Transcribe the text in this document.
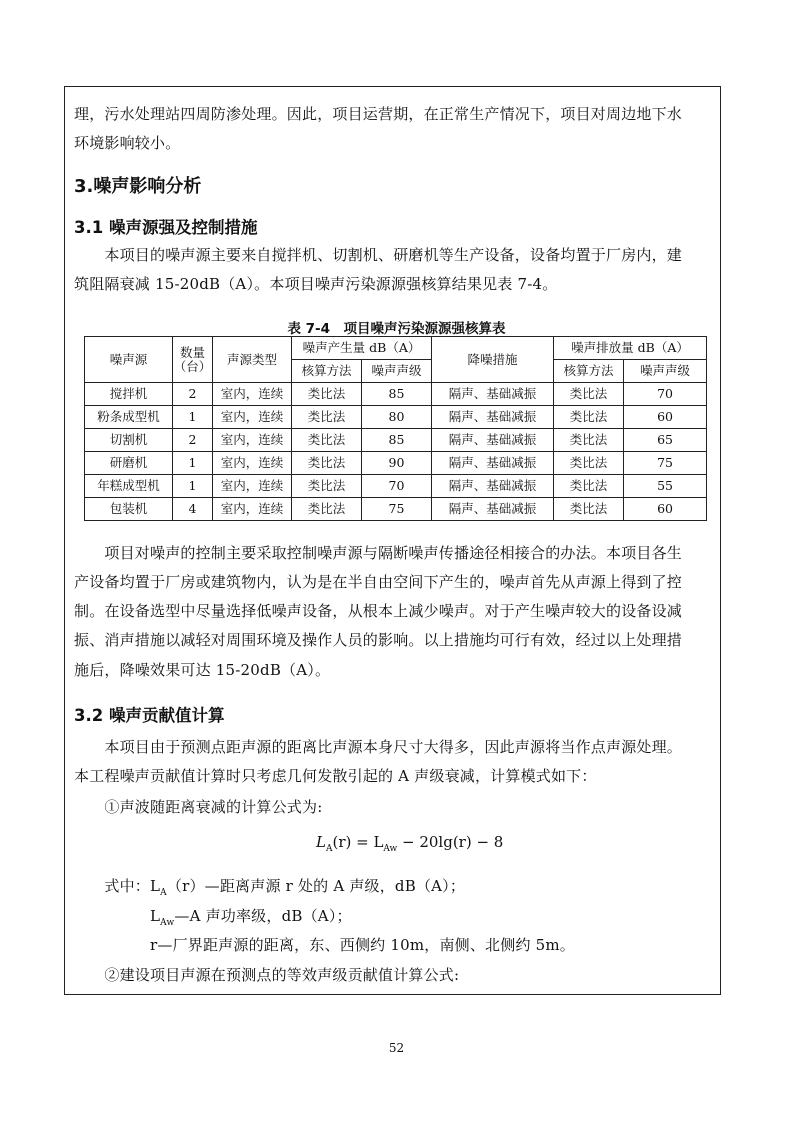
理，污水处理站四周防渗处理。因此，项目运营期，在正常生产情况下，项目对周边地下水
环境影响较小。
3.噪声影响分析
3.1 噪声源强及控制措施
　　本项目的噪声源主要来自搅拌机、切割机、研磨机等生产设备，设备均置于厂房内，建
筑阻隔衰减 15-20dB（A）。本项目噪声污染源源强核算结果见表 7-4。
表 7-4　项目噪声污染源源强核算表
噪声源	数量（台）	声源类型	噪声产生量 dB（A）		降噪措施	噪声排放量 dB（A）	
			核算方法	噪声声级		核算方法	噪声声级
搅拌机	2	室内，连续	类比法	85	隔声、基础减振	类比法	70
粉条成型机	1	室内，连续	类比法	80	隔声、基础减振	类比法	60
切割机	2	室内，连续	类比法	85	隔声、基础减振	类比法	65
研磨机	1	室内，连续	类比法	90	隔声、基础减振	类比法	75
年糕成型机	1	室内，连续	类比法	70	隔声、基础减振	类比法	55
包装机	4	室内，连续	类比法	75	隔声、基础减振	类比法	60
　　项目对噪声的控制主要采取控制噪声源与隔断噪声传播途径相接合的办法。本项目各生
产设备均置于厂房或建筑物内，认为是在半自由空间下产生的，噪声首先从声源上得到了控
制。在设备选型中尽量选择低噪声设备，从根本上减少噪声。对于产生噪声较大的设备设减
振、消声措施以减轻对周围环境及操作人员的影响。以上措施均可行有效，经过以上处理措
施后，降噪效果可达 15-20dB（A）。
3.2 噪声贡献值计算
　　本项目由于预测点距声源的距离比声源本身尺寸大得多，因此声源将当作点声源处理。
本工程噪声贡献值计算时只考虑几何发散引起的 A 声级衰减，计算模式如下：
　　①声波随距离衰减的计算公式为:
$L_A(r) = L_{Aw} - 20\lg(r) - 8$
　　式中：$L_A(r)—$距离声源 r 处的 A 声级，dB（A）；
$L_{Aw}—A$ 声功率级，dB（A）；
r—厂界距声源的距离，东、西侧约 10m，南侧、北侧约 5m。
　　②建设项目声源在预测点的等效声级贡献值计算公式:
52
